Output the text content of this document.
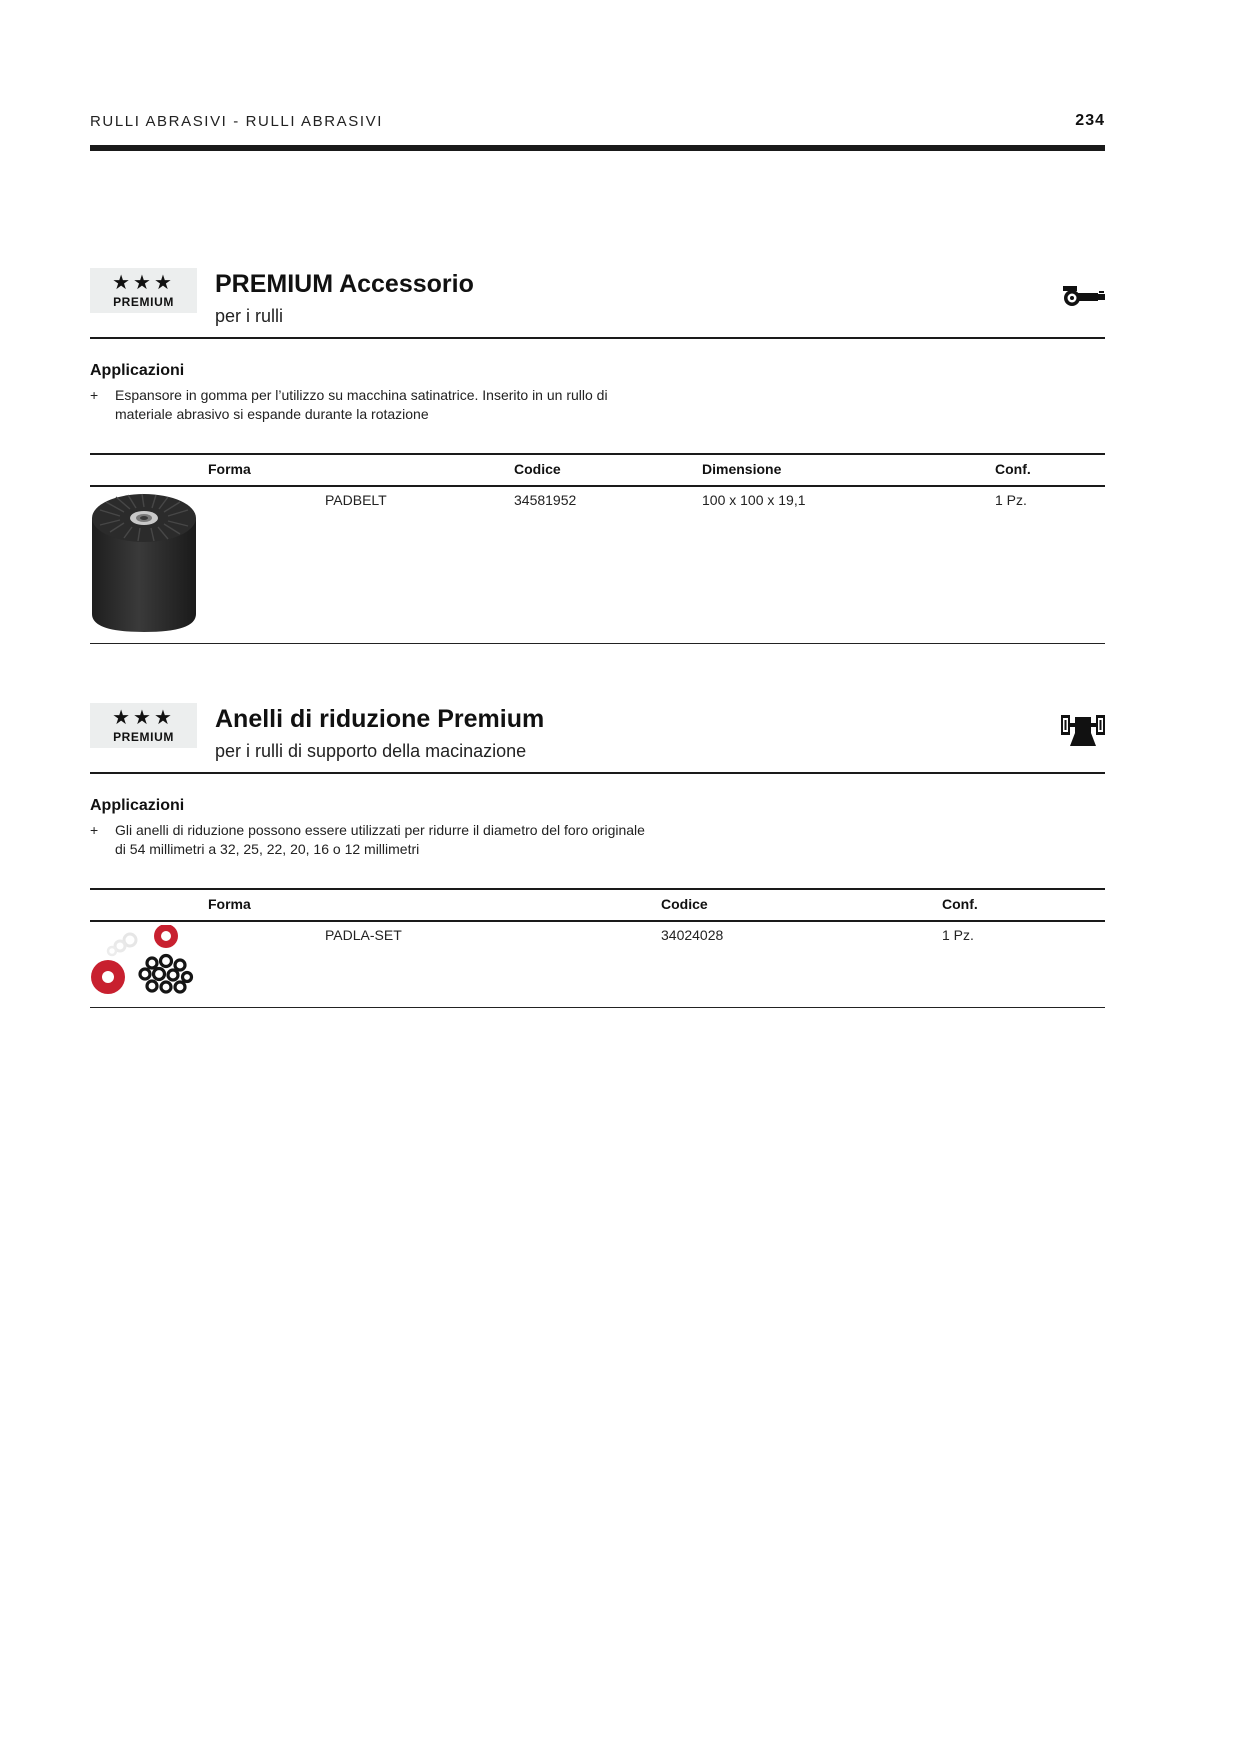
RULLI ABRASIVI - RULLI ABRASIVI	234
★★★
PREMIUM
PREMIUM Accessorio
per i rulli
Applicazioni
+	Espansore in gomma per l’utilizzo su macchina satinatrice. Inserito in un rullo di materiale abrasivo si espande durante la rotazione
Forma	Codice	Dimensione	Conf.
PADBELT	34581952	100 x 100 x 19,1	1 Pz.
★★★
PREMIUM
Anelli di riduzione Premium
per i rulli di supporto della macinazione
Applicazioni
+	Gli anelli di riduzione possono essere utilizzati per ridurre il diametro del foro originale di 54 millimetri a 32, 25, 22, 20, 16 o 12 millimetri
Forma	Codice	Conf.
PADLA-SET	34024028	1 Pz.
